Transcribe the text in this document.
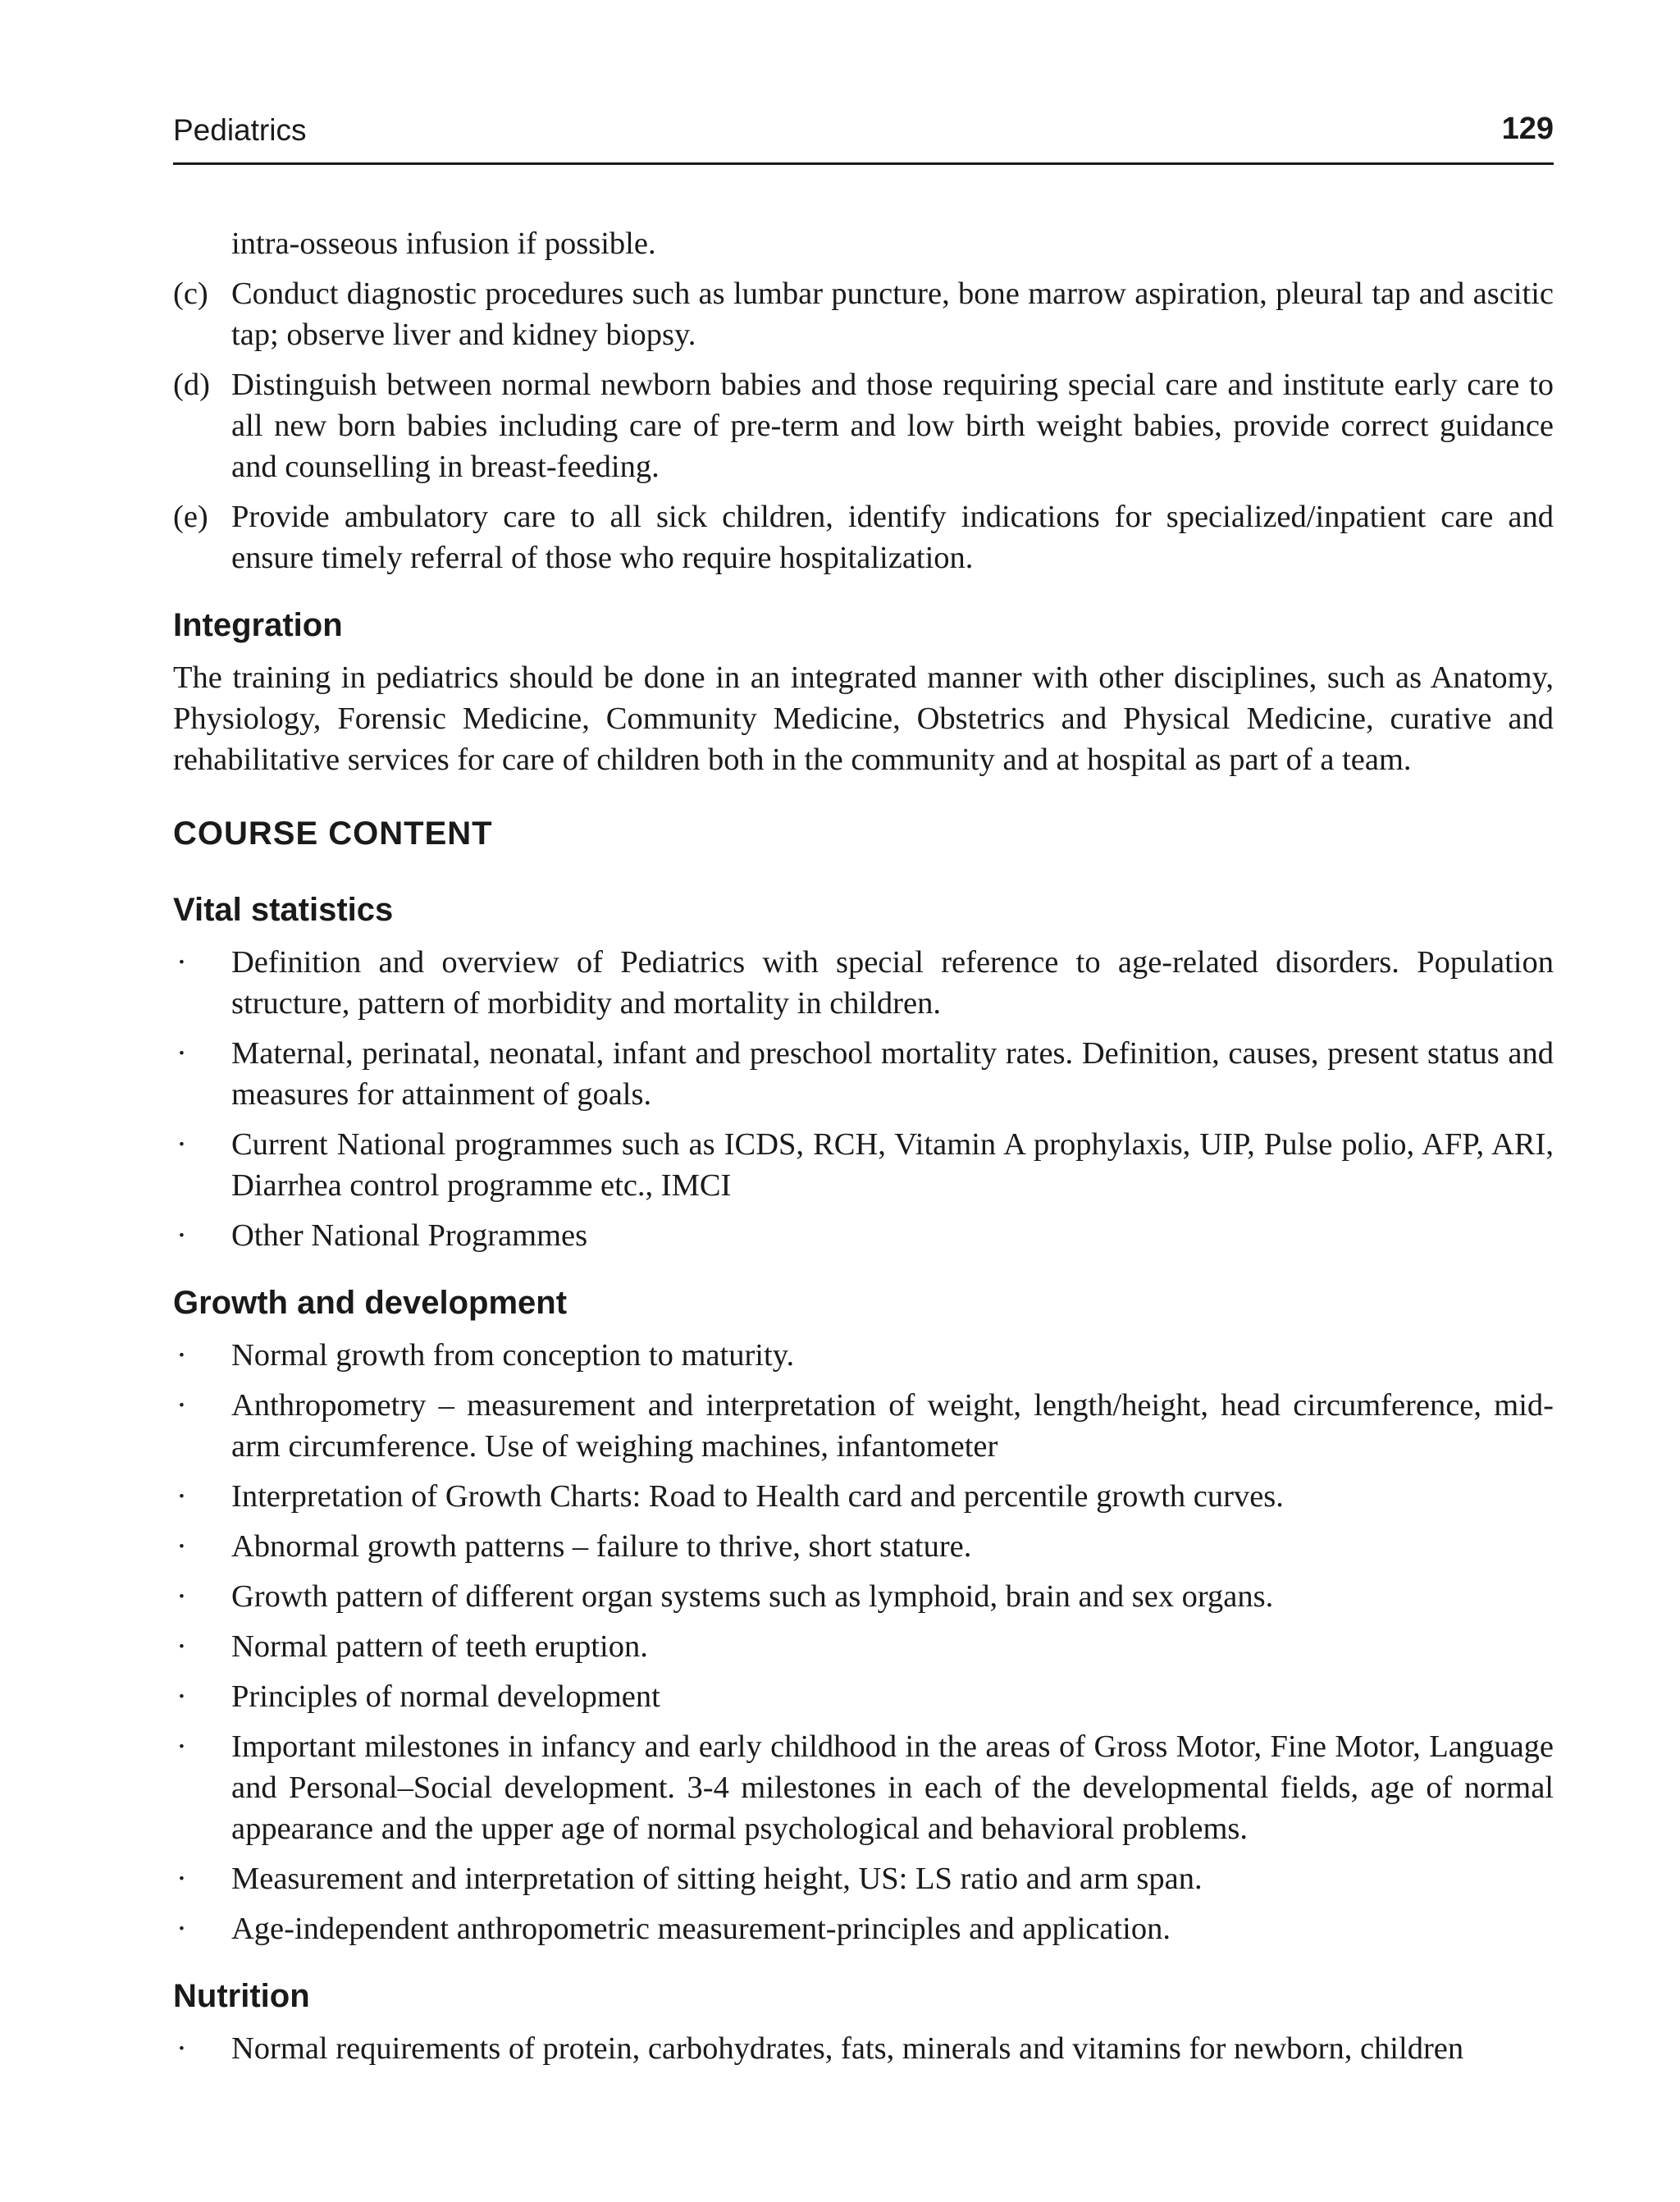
Pediatrics	129
intra-osseous infusion if possible.
(c) Conduct diagnostic procedures such as lumbar puncture, bone marrow aspiration, pleural tap and ascitic tap; observe liver and kidney biopsy.
(d) Distinguish between normal newborn babies and those requiring special care and institute early care to all new born babies including care of pre-term and low birth weight babies, provide correct guidance and counselling in breast-feeding.
(e) Provide ambulatory care to all sick children, identify indications for specialized/inpatient care and ensure timely referral of those who require hospitalization.
Integration

The training in pediatrics should be done in an integrated manner with other disciplines, such as Anatomy, Physiology, Forensic Medicine, Community Medicine, Obstetrics and Physical Medicine, curative and rehabilitative services for care of children both in the community and at hospital as part of a team.

COURSE CONTENT
Vital statistics
· Definition and overview of Pediatrics with special reference to age-related disorders. Population structure, pattern of morbidity and mortality in children.
· Maternal, perinatal, neonatal, infant and preschool mortality rates. Definition, causes, present status and measures for attainment of goals.
· Current National programmes such as ICDS, RCH, Vitamin A prophylaxis, UIP, Pulse polio, AFP, ARI, Diarrhea control programme etc., IMCI
· Other National Programmes
Growth and development
· Normal growth from conception to maturity.
· Anthropometry – measurement and interpretation of weight, length/height, head circumference, mid-arm circumference. Use of weighing machines, infantometer
· Interpretation of Growth Charts: Road to Health card and percentile growth curves.
· Abnormal growth patterns – failure to thrive, short stature.
· Growth pattern of different organ systems such as lymphoid, brain and sex organs.
· Normal pattern of teeth eruption.
· Principles of normal development
· Important milestones in infancy and early childhood in the areas of Gross Motor, Fine Motor, Language and Personal–Social development. 3-4 milestones in each of the developmental fields, age of normal appearance and the upper age of normal psychological and behavioral problems.
· Measurement and interpretation of sitting height, US: LS ratio and arm span.
· Age-independent anthropometric measurement-principles and application.
Nutrition
· Normal requirements of protein, carbohydrates, fats, minerals and vitamins for newborn, children
